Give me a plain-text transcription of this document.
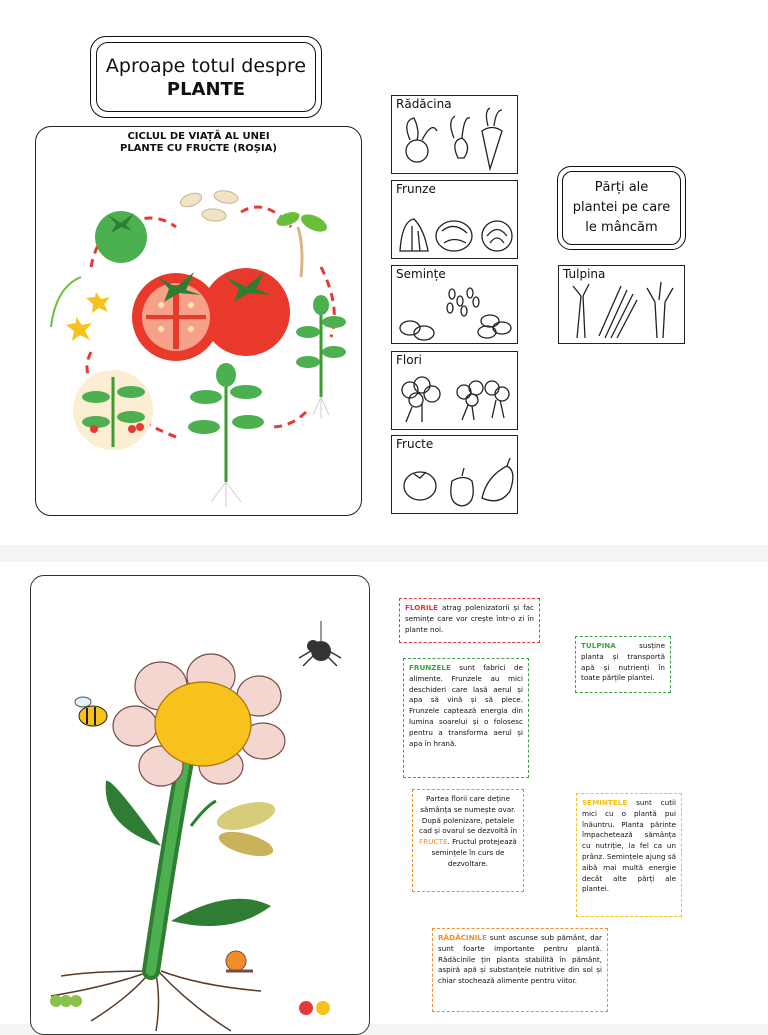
Aproape totul despre
PLANTE
CICLUL DE VIAȚĂ AL UNEI
PLANTE CU FRUCTE (ROȘIA)
Rădăcina
Frunze
Semințe
Flori
Fructe
Părți ale
plantei pe care
le mâncăm
Tulpina
FLORILE atrag polenizatorii și fac semințe care vor crește într-o zi în plante noi.
TULPINA susține planta și transportă apă și nutrienți în toate părțile plantei.
FRUNZELE sunt fabrici de alimente. Frunzele au mici deschideri care lasă aerul și apa să vină și să plece. Frunzele captează energia din lumina soarelui și o folosesc pentru a transforma aerul și apa în hrană.
Partea florii care deține sămânța se numește ovar. După polenizare, petalele cad și ovarul se dezvoltă în FRUCTE. Fructul protejează semințele în curs de dezvoltare.
SEMINȚELE sunt cutii mici cu o plantă pui înăuntru. Planta părinte împachetează sămânța cu nutriție, la fel ca un prânz. Semințele ajung să aibă mai multă energie decât alte părți ale plantei.
RĂDĂCINILE sunt ascunse sub pământ, dar sunt foarte importante pentru plantă. Rădăcinile țin planta stabilită în pământ, aspiră apă și substanțele nutritive din sol și chiar stochează alimente pentru viitor.
